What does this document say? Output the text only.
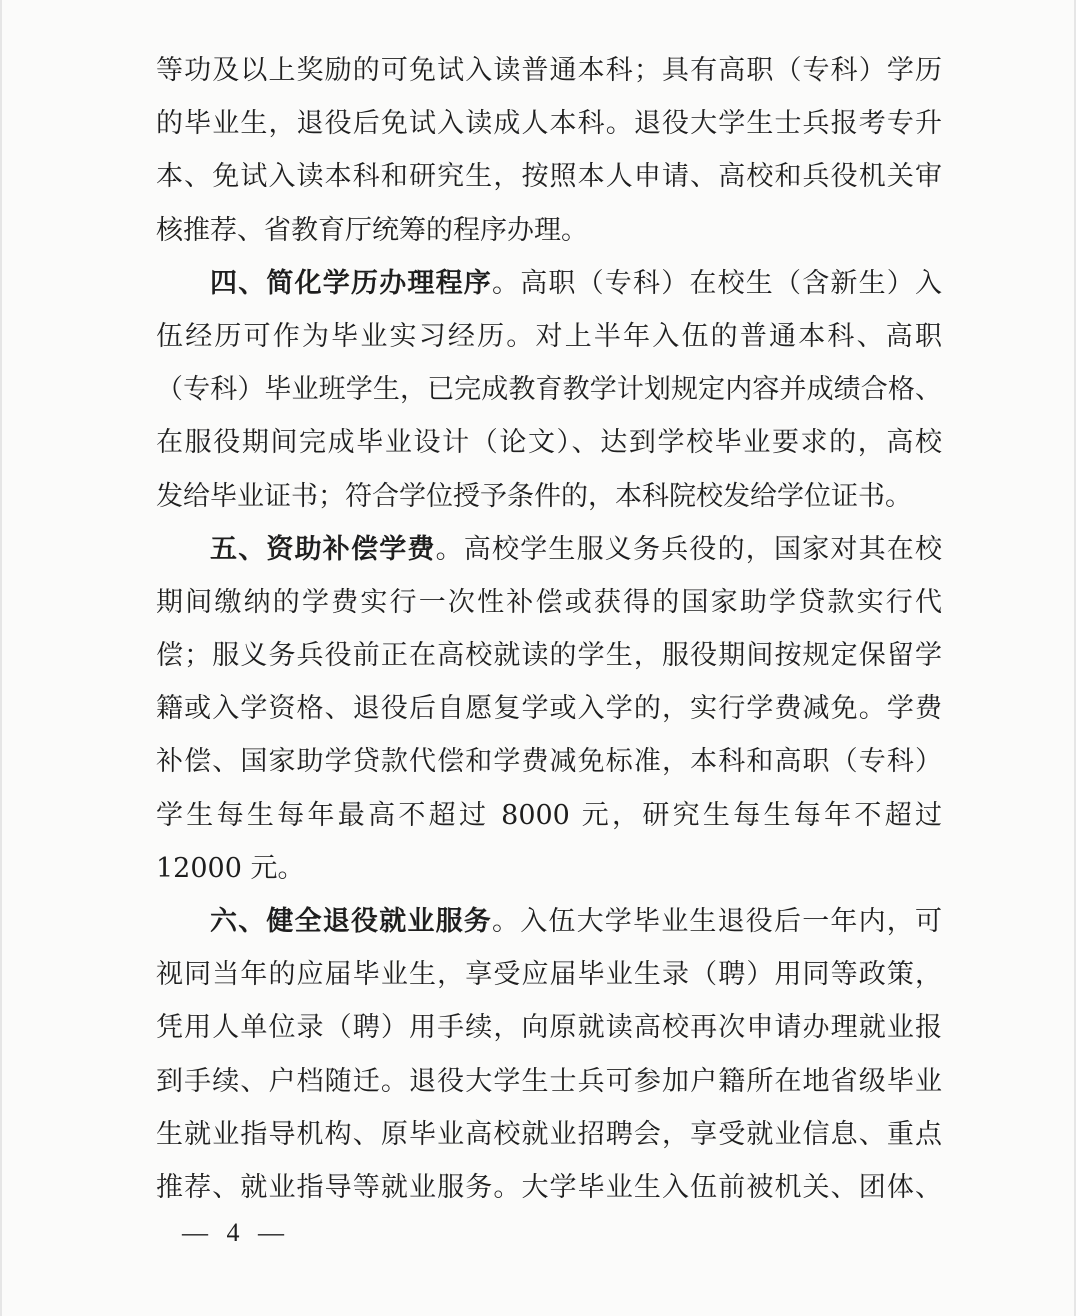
等功及以上奖励的可免试入读普通本科；具有高职（专科）学历
的毕业生，退役后免试入读成人本科。退役大学生士兵报考专升
本、免试入读本科和研究生，按照本人申请、高校和兵役机关审
核推荐、省教育厅统筹的程序办理。
四、简化学历办理程序。高职（专科）在校生（含新生）入
伍经历可作为毕业实习经历。对上半年入伍的普通本科、高职
（专科）毕业班学生，已完成教育教学计划规定内容并成绩合格、
在服役期间完成毕业设计（论文）、达到学校毕业要求的，高校
发给毕业证书；符合学位授予条件的，本科院校发给学位证书。
五、资助补偿学费。高校学生服义务兵役的，国家对其在校
期间缴纳的学费实行一次性补偿或获得的国家助学贷款实行代
偿；服义务兵役前正在高校就读的学生，服役期间按规定保留学
籍或入学资格、退役后自愿复学或入学的，实行学费减免。学费
补偿、国家助学贷款代偿和学费减免标准，本科和高职（专科）
学生每生每年最高不超过 8000 元，研究生每生每年不超过
12000 元。
六、健全退役就业服务。入伍大学毕业生退役后一年内，可
视同当年的应届毕业生，享受应届毕业生录（聘）用同等政策，
凭用人单位录（聘）用手续，向原就读高校再次申请办理就业报
到手续、户档随迁。退役大学生士兵可参加户籍所在地省级毕业
生就业指导机构、原毕业高校就业招聘会，享受就业信息、重点
推荐、就业指导等就业服务。大学毕业生入伍前被机关、团体、
— 4 —
